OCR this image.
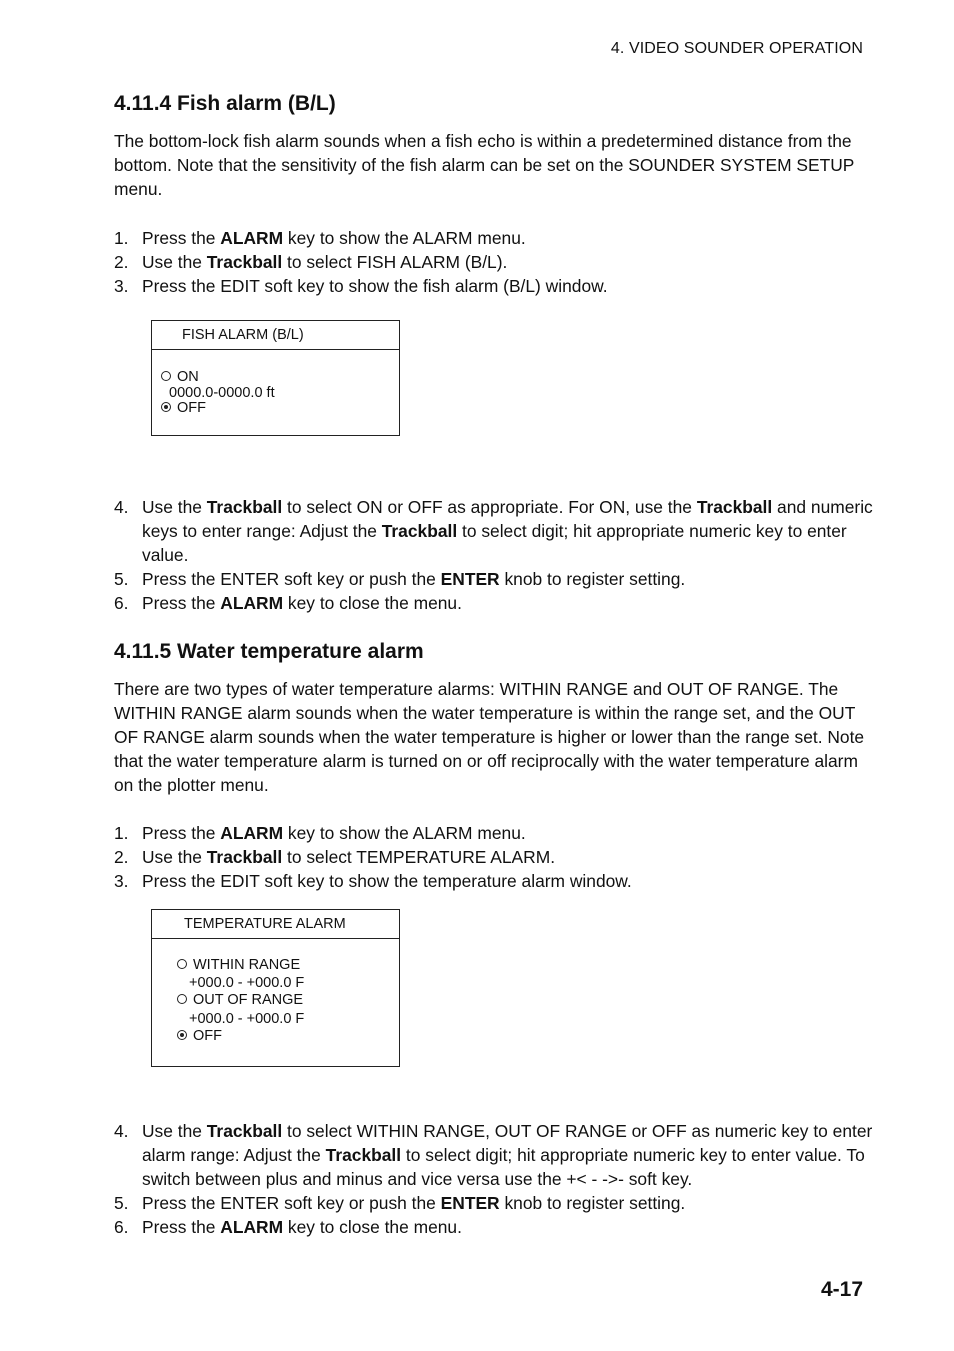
4. VIDEO SOUNDER OPERATION
4.11.4 Fish alarm (B/L)

The bottom-lock fish alarm sounds when a fish echo is within a predetermined distance from the bottom. Note that the sensitivity of the fish alarm can be set on the SOUNDER SYSTEM SETUP menu.

1. Press the ALARM key to show the ALARM menu.
2. Use the Trackball to select FISH ALARM (B/L).
3. Press the EDIT soft key to show the fish alarm (B/L) window.
FISH ALARM (B/L)
ON
0000.0-0000.0 ft
OFF
4. Use the Trackball to select ON or OFF as appropriate. For ON, use the Trackball and numeric keys to enter range: Adjust the Trackball to select digit; hit appropriate numeric key to enter value.
5. Press the ENTER soft key or push the ENTER knob to register setting.
6. Press the ALARM key to close the menu.
4.11.5 Water temperature alarm

There are two types of water temperature alarms: WITHIN RANGE and OUT OF RANGE. The WITHIN RANGE alarm sounds when the water temperature is within the range set, and the OUT OF RANGE alarm sounds when the water temperature is higher or lower than the range set. Note that the water temperature alarm is turned on or off reciprocally with the water temperature alarm on the plotter menu.

1. Press the ALARM key to show the ALARM menu.
2. Use the Trackball to select TEMPERATURE ALARM.
3. Press the EDIT soft key to show the temperature alarm window.
TEMPERATURE ALARM
WITHIN RANGE
+000.0 - +000.0 F
OUT OF RANGE
+000.0 - +000.0 F
OFF
4. Use the Trackball to select WITHIN RANGE, OUT OF RANGE or OFF as numeric key to enter alarm range: Adjust the Trackball to select digit; hit appropriate numeric key to enter value. To switch between plus and minus and vice versa use the +< - ->- soft key.
5. Press the ENTER soft key or push the ENTER knob to register setting.
6. Press the ALARM key to close the menu.
4-17
